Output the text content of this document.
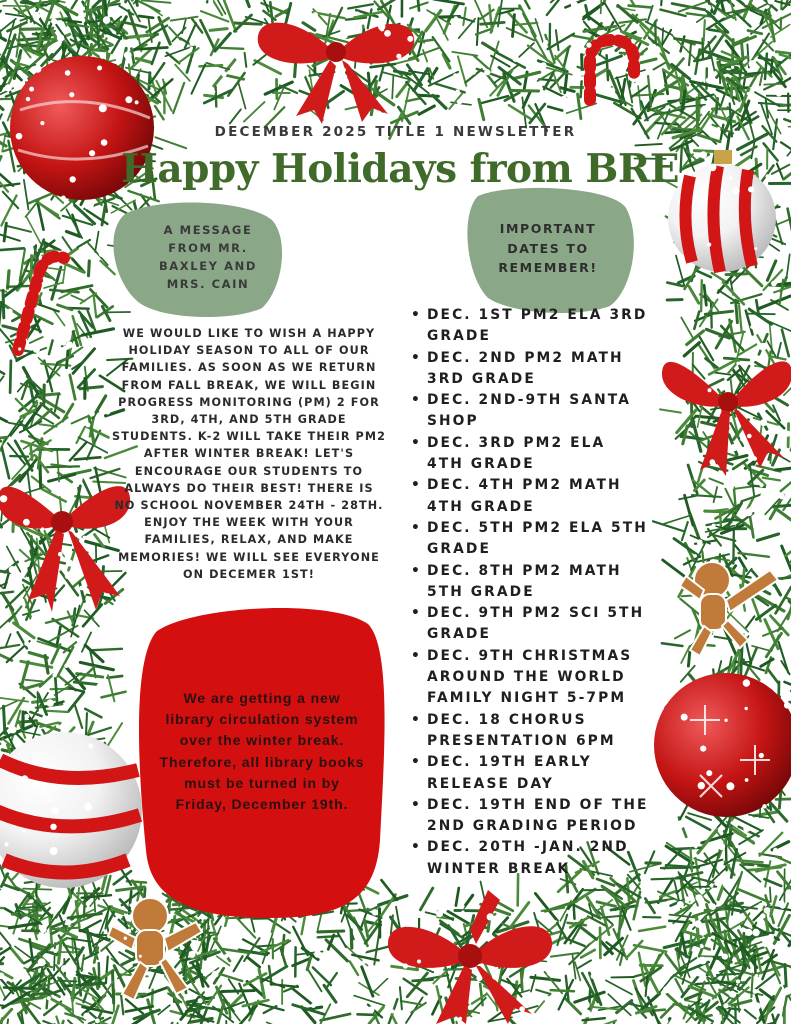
DECEMBER 2025 TITLE 1 NEWSLETTER
Happy Holidays from BRE
A MESSAGE FROM MR. BAXLEY AND MRS. CAIN
IMPORTANT DATES TO REMEMBER!

WE WOULD LIKE TO WISH A HAPPY HOLIDAY SEASON TO ALL OF OUR FAMILIES. AS SOON AS WE RETURN FROM FALL BREAK, WE WILL BEGIN PROGRESS MONITORING (PM) 2 FOR 3RD, 4TH, AND 5TH GRADE STUDENTS. K-2 WILL TAKE THEIR PM2 AFTER WINTER BREAK! LET'S ENCOURAGE OUR STUDENTS TO ALWAYS DO THEIR BEST! THERE IS NO SCHOOL NOVEMBER 24TH - 28TH. ENJOY THE WEEK WITH YOUR FAMILIES, RELAX, AND MAKE MEMORIES! WE WILL SEE EVERYONE ON DECEMER 1ST!

We are getting a new library circulation system over the winter break. Therefore, all library books must be turned in by Friday, December 19th.
• DEC. 1ST PM2 ELA 3RD GRADE
• DEC. 2ND PM2 MATH 3RD GRADE
• DEC. 2ND-9TH SANTA SHOP
• DEC. 3RD PM2 ELA 4TH GRADE
• DEC. 4TH PM2 MATH 4TH GRADE
• DEC. 5TH PM2 ELA 5TH GRADE
• DEC. 8TH PM2 MATH 5TH GRADE
• DEC. 9TH PM2 SCI 5TH GRADE
• DEC. 9TH CHRISTMAS AROUND THE WORLD FAMILY NIGHT 5-7PM
• DEC. 18 CHORUS PRESENTATION 6PM
• DEC. 19TH EARLY RELEASE DAY
• DEC. 19TH END OF THE 2ND GRADING PERIOD
• DEC. 20TH -JAN. 2ND WINTER BREAK
